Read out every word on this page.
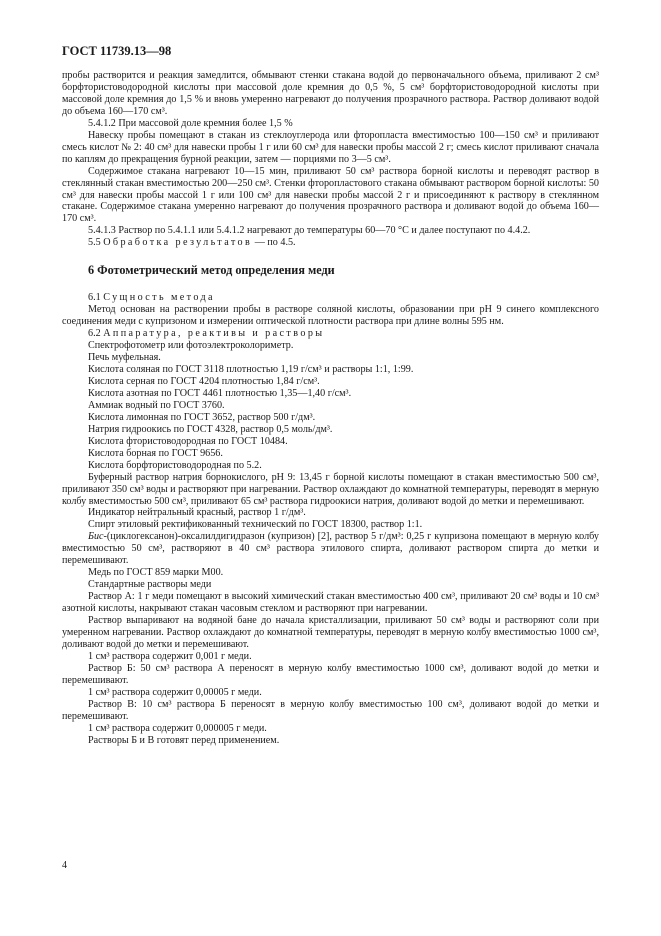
ГОСТ 11739.13—98

пробы растворится и реакция замедлится, обмывают стенки стакана водой до первоначального объема, приливают 2 см³ борфтористоводородной кислоты при массовой доле кремния до 0,5 %, 5 см³ борфтористоводородной кислоты при массовой доле кремния до 1,5 % и вновь умеренно нагревают до получения прозрачного раствора. Раствор доливают водой до объема 160—170 см³.

5.4.1.2 При массовой доле кремния более 1,5 %

Навеску пробы помещают в стакан из стеклоуглерода или фторопласта вместимостью 100—150 см³ и приливают смесь кислот № 2: 40 см³ для навески пробы 1 г или 60 см³ для навески пробы массой 2 г; смесь кислот приливают сначала по каплям до прекращения бурной реакции, затем — порциями по 3—5 см³.

Содержимое стакана нагревают 10—15 мин, приливают 50 см³ раствора борной кислоты и переводят раствор в стеклянный стакан вместимостью 200—250 см³. Стенки фторопластового стакана обмывают раствором борной кислоты: 50 см³ для навески пробы массой 1 г или 100 см³ для навески пробы массой 2 г и присоединяют к раствору в стеклянном стакане. Содержимое стакана умеренно нагревают до получения прозрачного раствора и доливают водой до объема 160—170 см³.

5.4.1.3 Раствор по 5.4.1.1 или 5.4.1.2 нагревают до температуры 60—70 °С и далее поступают по 4.4.2.

5.5 Обработка результатов — по 4.5.

6 Фотометрический метод определения меди

6.1 Сущность метода

Метод основан на растворении пробы в растворе соляной кислоты, образовании при рН 9 синего комплексного соединения меди с купризоном и измерении оптической плотности раствора при длине волны 595 нм.

6.2 Аппаратура, реактивы и растворы

Спектрофотометр или фотоэлектроколориметр.

Печь муфельная.

Кислота соляная по ГОСТ 3118 плотностью 1,19 г/см³ и растворы 1:1, 1:99.

Кислота серная по ГОСТ 4204 плотностью 1,84 г/см³.

Кислота азотная по ГОСТ 4461 плотностью 1,35—1,40 г/см³.

Аммиак водный по ГОСТ 3760.

Кислота лимонная по ГОСТ 3652, раствор 500 г/дм³.

Натрия гидроокись по ГОСТ 4328, раствор 0,5 моль/дм³.

Кислота фтористоводородная по ГОСТ 10484.

Кислота борная по ГОСТ 9656.

Кислота борфтористоводородная по 5.2.

Буферный раствор натрия борнокислого, рН 9: 13,45 г борной кислоты помещают в стакан вместимостью 500 см³, приливают 350 см³ воды и растворяют при нагревании. Раствор охлаждают до комнатной температуры, переводят в мерную колбу вместимостью 500 см³, приливают 65 см³ раствора гидроокиси натрия, доливают водой до метки и перемешивают.

Индикатор нейтральный красный, раствор 1 г/дм³.

Спирт этиловый ректификованный технический по ГОСТ 18300, раствор 1:1.

Бис-(циклогексанон)-оксалилдигидразон (купризон) [2], раствор 5 г/дм³: 0,25 г купризона помещают в мерную колбу вместимостью 50 см³, растворяют в 40 см³ раствора этилового спирта, доливают раствором спирта до метки и перемешивают.

Медь по ГОСТ 859 марки М00.

Стандартные растворы меди

Раствор А: 1 г меди помещают в высокий химический стакан вместимостью 400 см³, приливают 20 см³ воды и 10 см³ азотной кислоты, накрывают стакан часовым стеклом и растворяют при нагревании.

Раствор выпаривают на водяной бане до начала кристаллизации, приливают 50 см³ воды и растворяют соли при умеренном нагревании. Раствор охлаждают до комнатной температуры, переводят в мерную колбу вместимостью 1000 см³, доливают водой до метки и перемешивают.

1 см³ раствора содержит 0,001 г меди.

Раствор Б: 50 см³ раствора А переносят в мерную колбу вместимостью 1000 см³, доливают водой до метки и перемешивают.

1 см³ раствора содержит 0,00005 г меди.

Раствор В: 10 см³ раствора Б переносят в мерную колбу вместимостью 100 см³, доливают водой до метки и перемешивают.

1 см³ раствора содержит 0,000005 г меди.

Растворы Б и В готовят перед применением.

4
